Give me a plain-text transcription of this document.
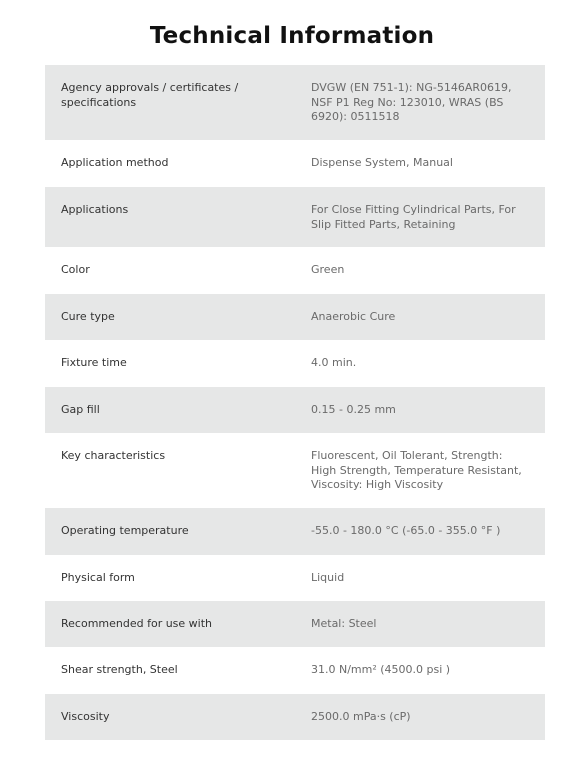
Technical Information
Agency approvals / certificates / specifications	DVGW (EN 751-1): NG-5146AR0619, NSF P1 Reg No: 123010, WRAS (BS 6920): 0511518
Application method	Dispense System, Manual
Applications	For Close Fitting Cylindrical Parts, For Slip Fitted Parts, Retaining
Color	Green
Cure type	Anaerobic Cure
Fixture time	4.0 min.
Gap fill	0.15 - 0.25 mm
Key characteristics	Fluorescent, Oil Tolerant, Strength: High Strength, Temperature Resistant, Viscosity: High Viscosity
Operating temperature	-55.0 - 180.0 °C (-65.0 - 355.0 °F )
Physical form	Liquid
Recommended for use with	Metal: Steel
Shear strength, Steel	31.0 N/mm² (4500.0 psi )
Viscosity	2500.0 mPa·s (cP)
